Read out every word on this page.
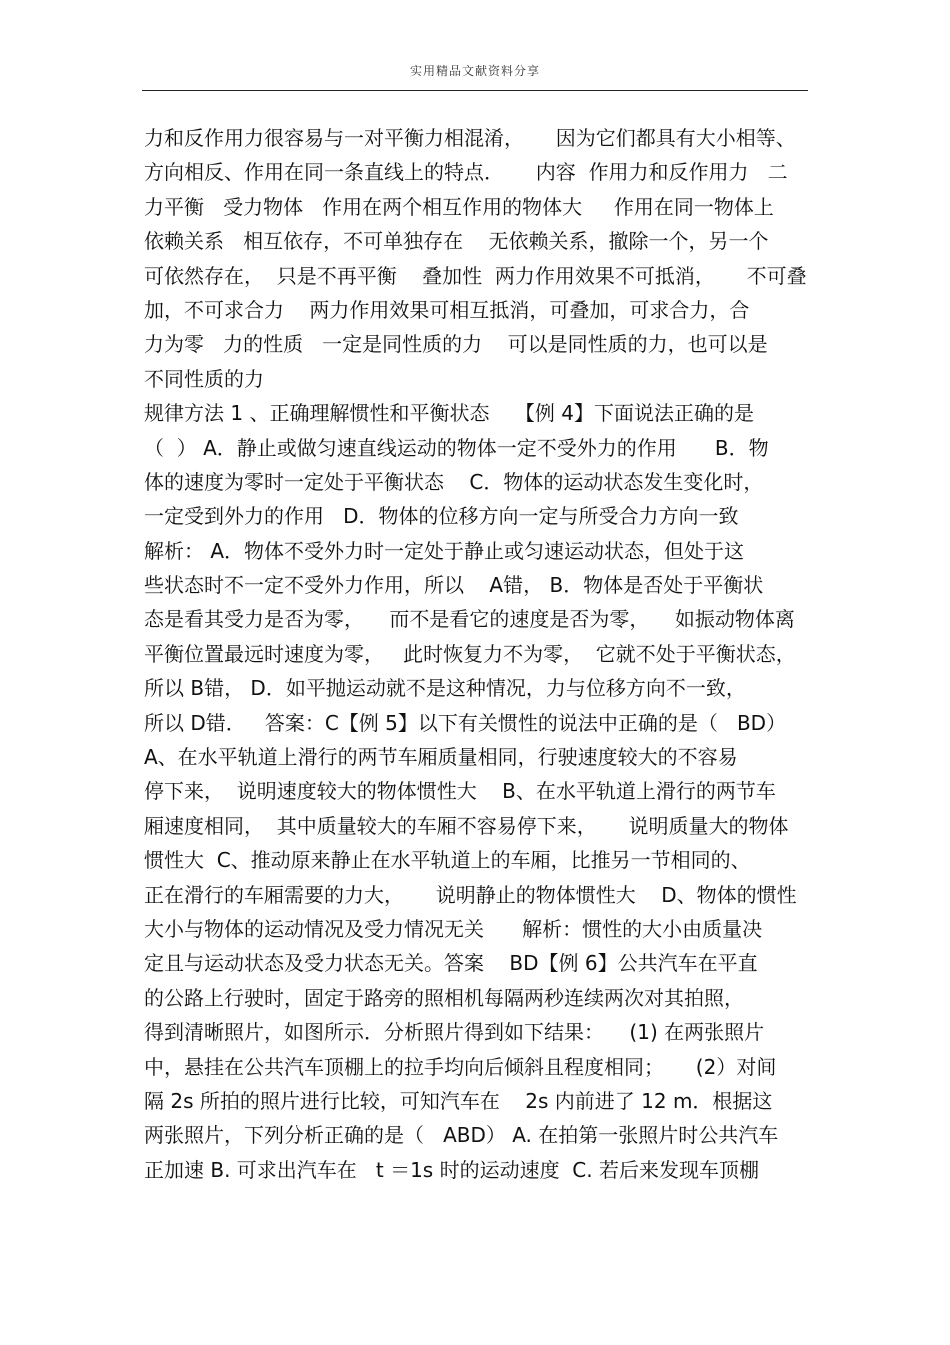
实用精品文献资料分享
力和反作用力很容易与一对平衡力相混淆，     因为它们都具有大小相等、
方向相反、作用在同一条直线上的特点．     内容  作用力和反作用力   二
力平衡   受力物体   作用在两个相互作用的物体大     作用在同一物体上
依赖关系   相互依存，不可单独存在    无依赖关系，撤除一个，另一个
可依然存在，  只是不再平衡    叠加性  两力作用效果不可抵消，     不可叠
加，不可求合力    两力作用效果可相互抵消，可叠加，可求合力，合
力为零   力的性质   一定是同性质的力    可以是同性质的力，也可以是
不同性质的力
规律方法 1 、正确理解惯性和平衡状态    【例 4】下面说法正确的是
（  ） A．静止或做匀速直线运动的物体一定不受外力的作用      B．物
体的速度为零时一定处于平衡状态    C．物体的运动状态发生变化时，
一定受到外力的作用   D．物体的位移方向一定与所受合力方向一致
解析： A．物体不受外力时一定处于静止或匀速运动状态，但处于这
些状态时不一定不受外力作用，所以    A错， B．物体是否处于平衡状
态是看其受力是否为零，    而不是看它的速度是否为零，    如振动物体离
平衡位置最远时速度为零，   此时恢复力不为零，  它就不处于平衡状态，
所以 B错， D．如平抛运动就不是这种情况，力与位移方向不一致，
所以 D错．   答案：C【例 5】以下有关惯性的说法中正确的是（   BD）
A、在水平轨道上滑行的两节车厢质量相同，行驶速度较大的不容易
停下来，  说明速度较大的物体惯性大    B、在水平轨道上滑行的两节车
厢速度相同，  其中质量较大的车厢不容易停下来，     说明质量大的物体
惯性大  C、推动原来静止在水平轨道上的车厢，比推另一节相同的、
正在滑行的车厢需要的力大，     说明静止的物体惯性大    D、物体的惯性
大小与物体的运动情况及受力情况无关      解析：惯性的大小由质量决
定且与运动状态及受力状态无关。答案    BD【例 6】公共汽车在平直
的公路上行驶时，固定于路旁的照相机每隔两秒连续两次对其拍照，
得到清晰照片，如图所示．分析照片得到如下结果：    (1) 在两张照片
中，悬挂在公共汽车顶棚上的拉手均向后倾斜且程度相同；     (2）对间
隔 2s 所拍的照片进行比较，可知汽车在    2s 内前进了 12 m．根据这
两张照片，下列分析正确的是（   ABD） A. 在拍第一张照片时公共汽车
正加速 B. 可求出汽车在   t ＝1s 时的运动速度  C. 若后来发现车顶棚
